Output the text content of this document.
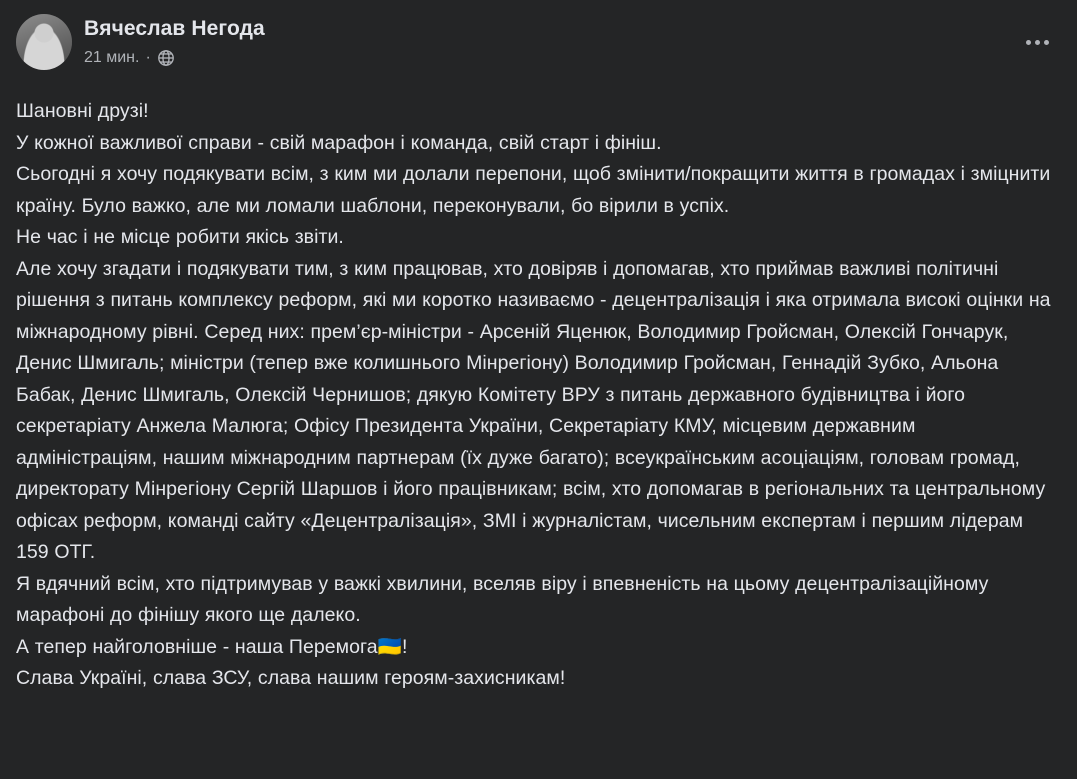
Вячеслав Негода
21 мин. ·

Шановні друзі!

У кожної важливої справи - свій марафон і команда, свій старт і фініш.

Сьогодні я хочу подякувати всім, з ким ми долали перепони, щоб змінити/покращити життя в громадах і зміцнити країну. Було важко, але ми ломали шаблони, переконували, бо вірили в успіх.

Не час і не місце робити якісь звіти.

Але хочу згадати і подякувати тим, з ким працював, хто довіряв і допомагав, хто приймав важливі політичні рішення з питань комплексу реформ, які ми коротко називаємо - децентралізація і яка отримала високі оцінки на міжнародному рівні. Серед них: прем’єр-міністри - Арсеній Яценюк, Володимир Гройсман, Олексій Гончарук, Денис Шмигаль; міністри (тепер вже колишнього Мінрегіону) Володимир Гройсман, Геннадій Зубко, Альона Бабак, Денис Шмигаль, Олексій Чернишов; дякую Комітету ВРУ з питань державного будівництва і його секретаріату Анжела Малюга; Офісу Президента України, Секретаріату КМУ, місцевим державним адміністраціям, нашим міжнародним партнерам (їх дуже багато); всеукраїнським асоціаціям, головам громад, директорату Мінрегіону Сергій Шаршов і його працівникам; всім, хто допомагав в регіональних та центральному офісах реформ, команді сайту «Децентралізація», ЗМІ і журналістам, чисельним експертам і першим лідерам 159 ОТГ.

Я вдячний всім, хто підтримував у важкі хвилини, вселяв віру і впевненість на цьому децентралізаційному марафоні до фінішу якого ще далеко.

А тепер найголовніше - наша Перемога🇺🇦!

Слава Україні, слава ЗСУ, слава нашим героям-захисникам!
